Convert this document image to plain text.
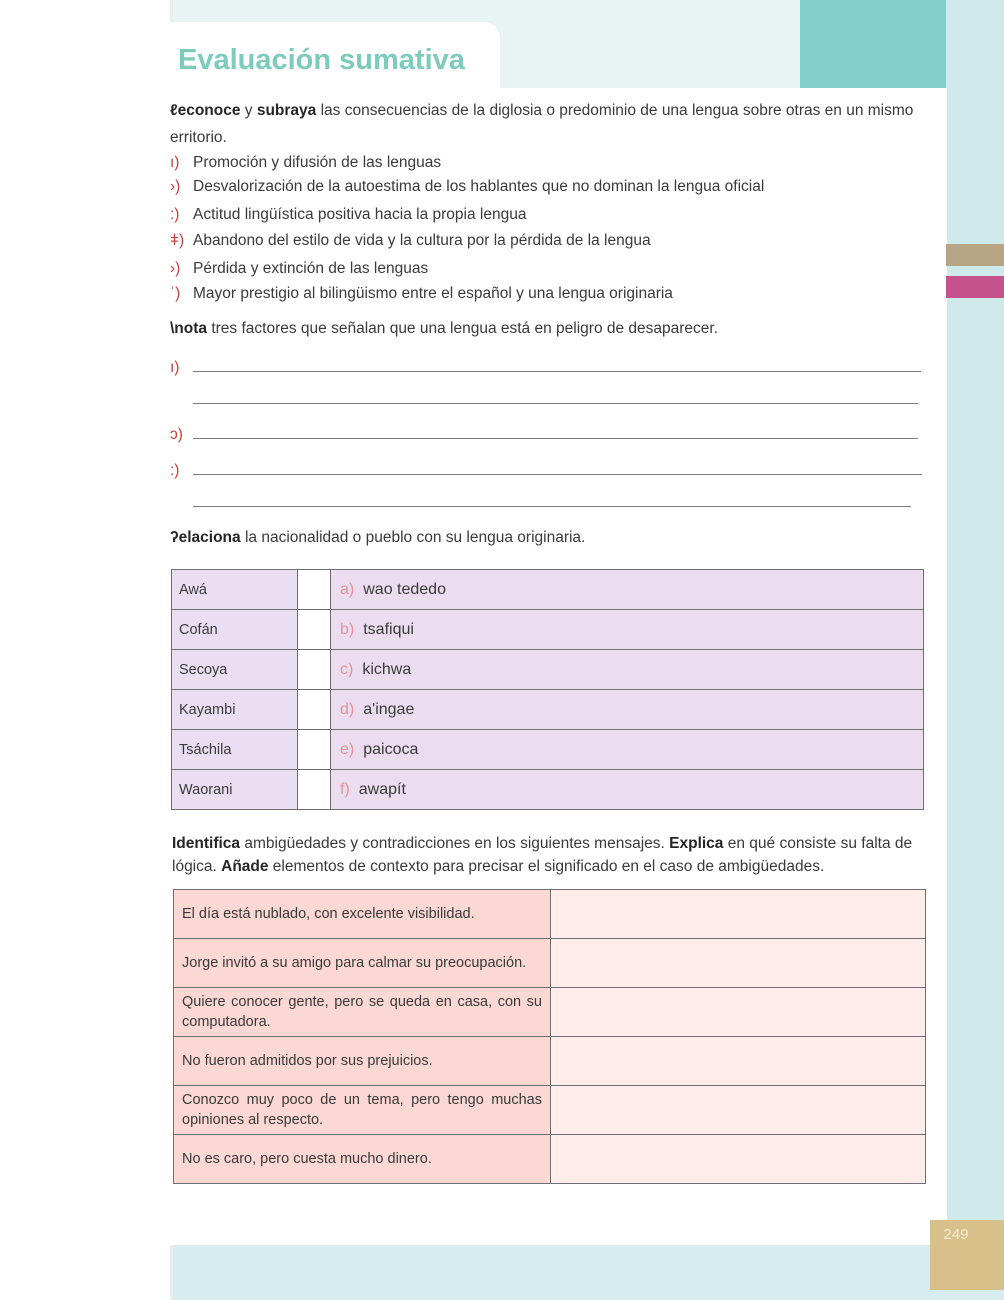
249
Evaluación sumativa
ℓeconoce y subraya las consecuencias de la diglosia o predominio de una lengua sobre otras en un mismo
erritorio.
ı) Promoción y difusión de las lenguas
›) Desvalorización de la autoestima de los hablantes que no dominan la lengua oficial
:) Actitud lingüística positiva hacia la propia lengua
ǂ) Abandono del estilo de vida y la cultura por la pérdida de la lengua
›) Pérdida y extinción de las lenguas
ˈ) Mayor prestigio al bilingüismo entre el español y una lengua originaria
\nota tres factores que señalan que una lengua está en peligro de desaparecer.
ı)
ɔ)
:)
ʔelaciona la nacionalidad o pueblo con su lengua originaria.
Awá		a) wao tededo
Cofán		b) tsafiqui
Secoya		c) kichwa
Kayambi		d) a'ingae
Tsáchila		e) paicoca
Waorani		f) awapít
Identifica ambigüedades y contradicciones en los siguientes mensajes. Explica en qué consiste su falta de
lógica. Añade elementos de contexto para precisar el significado en el caso de ambigüedades.
El día está nublado, con excelente visibilidad.	
Jorge invitó a su amigo para calmar su preocupación.	
Quiere conocer gente, pero se queda en casa, con su computadora.	
No fueron admitidos por sus prejuicios.	
Conozco muy poco de un tema, pero tengo muchas opiniones al respecto.	
No es caro, pero cuesta mucho dinero.	
